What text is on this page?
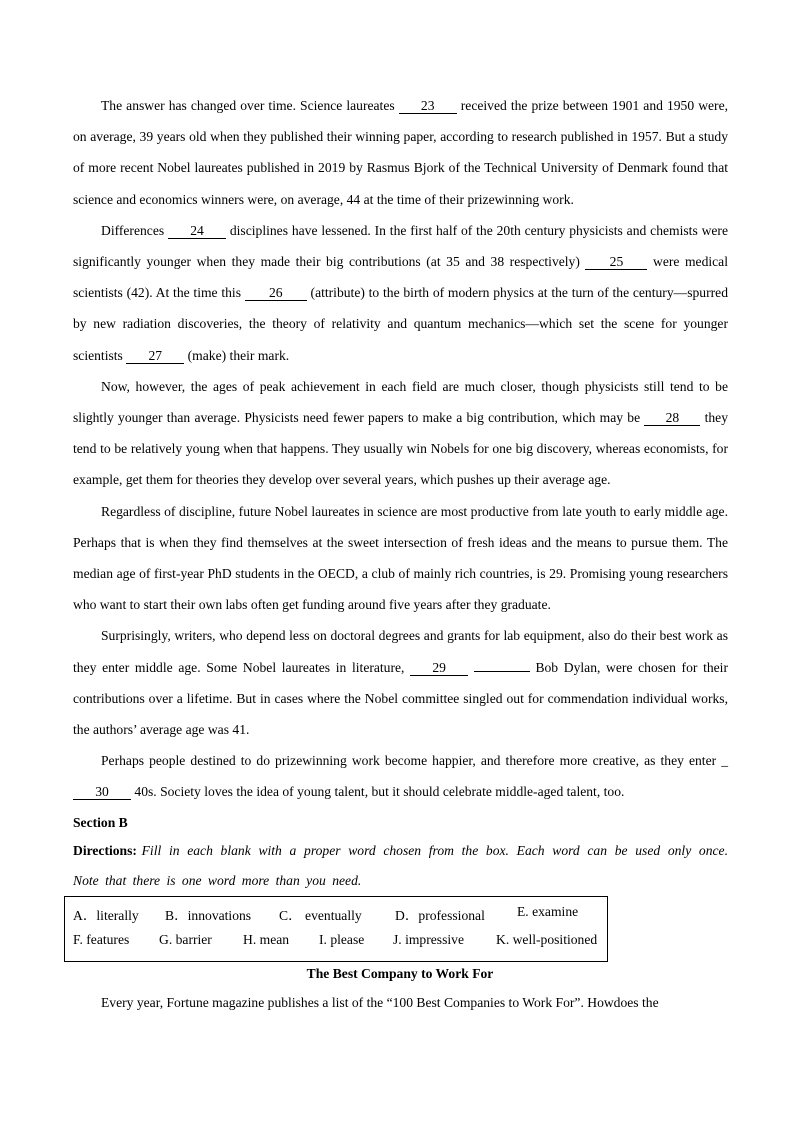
The answer has changed over time. Science laureates 23 received the prize between 1901 and 1950 were, on average, 39 years old when they published their winning paper, according to research published in 1957. But a study of more recent Nobel laureates published in 2019 by Rasmus Bjork of the Technical University of Denmark found that science and economics winners were, on average, 44 at the time of their prizewinning work.

Differences 24 disciplines have lessened. In the first half of the 20th century physicists and chemists were significantly younger when they made their big contributions (at 35 and 38 respectively) 25 were medical scientists (42). At the time this 26 (attribute) to the birth of modern physics at the turn of the century—spurred by new radiation discoveries, the theory of relativity and quantum mechanics—which set the scene for younger scientists 27 (make) their mark.

Now, however, the ages of peak achievement in each field are much closer, though physicists still tend to be slightly younger than average. Physicists need fewer papers to make a big contribution, which may be 28 they tend to be relatively young when that happens. They usually win Nobels for one big discovery, whereas economists, for example, get them for theories they develop over several years, which pushes up their average age.

Regardless of discipline, future Nobel laureates in science are most productive from late youth to early middle age. Perhaps that is when they find themselves at the sweet intersection of fresh ideas and the means to pursue them. The median age of first-year PhD students in the OECD, a club of mainly rich countries, is 29. Promising young researchers who want to start their own labs often get funding around five years after they graduate.

Surprisingly, writers, who depend less on doctoral degrees and grants for lab equipment, also do their best work as they enter middle age. Some Nobel laureates in literature, 29	Bob Dylan, were chosen for their contributions over a lifetime. But in cases where the Nobel committee singled out for commendation individual works, the authors’ average age was 41.

Perhaps people destined to do prizewinning work become happier, and therefore more creative, as they enter _30 40s. Society loves the idea of young talent, but it should celebrate middle-aged talent, too.

Section B

Directions: Fill in each blank with a proper word chosen from the box. Each word can be used only once. Note that there is one word more than you need.

A．literally B．innovations C． eventually D．professional E. examine
F. features G. barrier H. mean I. please J. impressive K. well-positioned
The Best Company to Work For

Every year, Fortune magazine publishes a list of the “100 Best Companies to Work For”. Howdoes the
